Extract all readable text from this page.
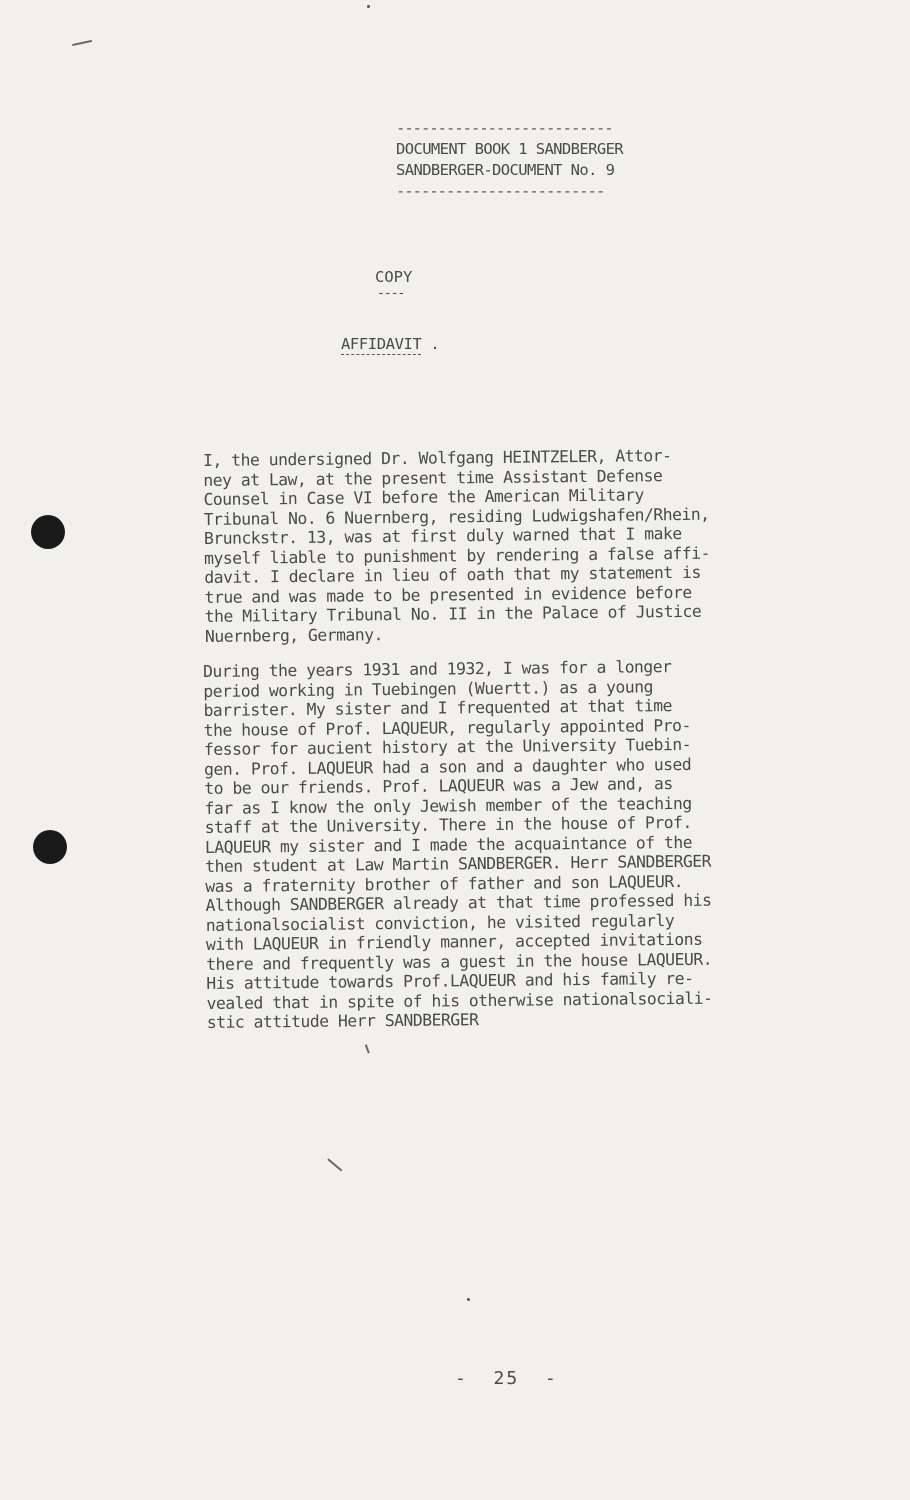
--------------------------
DOCUMENT BOOK 1 SANDBERGER
SANDBERGER-DOCUMENT No. 9
-------------------------
COPY
----
AFFIDAVIT .
I, the undersigned Dr. Wolfgang HEINTZELER, Attor-
ney at Law, at the present time Assistant Defense
Counsel in Case VI before the American Military
Tribunal No. 6 Nuernberg, residing Ludwigshafen/Rhein,
Brunckstr. 13, was at first duly warned that I make
myself liable to punishment by rendering a false affi-
davit. I declare in lieu of oath that my statement is
true and was made to be presented in evidence before
the Military Tribunal No. II in the Palace of Justice
Nuernberg, Germany.
During the years 1931 and 1932, I was for a longer
period working in Tuebingen (Wuertt.) as a young
barrister. My sister and I frequented at that time
the house of Prof. LAQUEUR, regularly appointed Pro-
fessor for aucient history at the University Tuebin-
gen. Prof. LAQUEUR had a son and a daughter who used
to be our friends. Prof. LAQUEUR was a Jew and, as
far as I know the only Jewish member of the teaching
staff at the University. There in the house of Prof.
LAQUEUR my sister and I made the acquaintance of the
then student at Law Martin SANDBERGER. Herr SANDBERGER
was a fraternity brother of father and son LAQUEUR.
Although SANDBERGER already at that time professed his
nationalsocialist conviction, he visited regularly
with LAQUEUR in friendly manner, accepted invitations
there and frequently was a guest in the house LAQUEUR.
His attitude towards Prof.LAQUEUR and his family re-
vealed that in spite of his otherwise nationalsociali-
stic attitude Herr SANDBERGER
-  25  -
